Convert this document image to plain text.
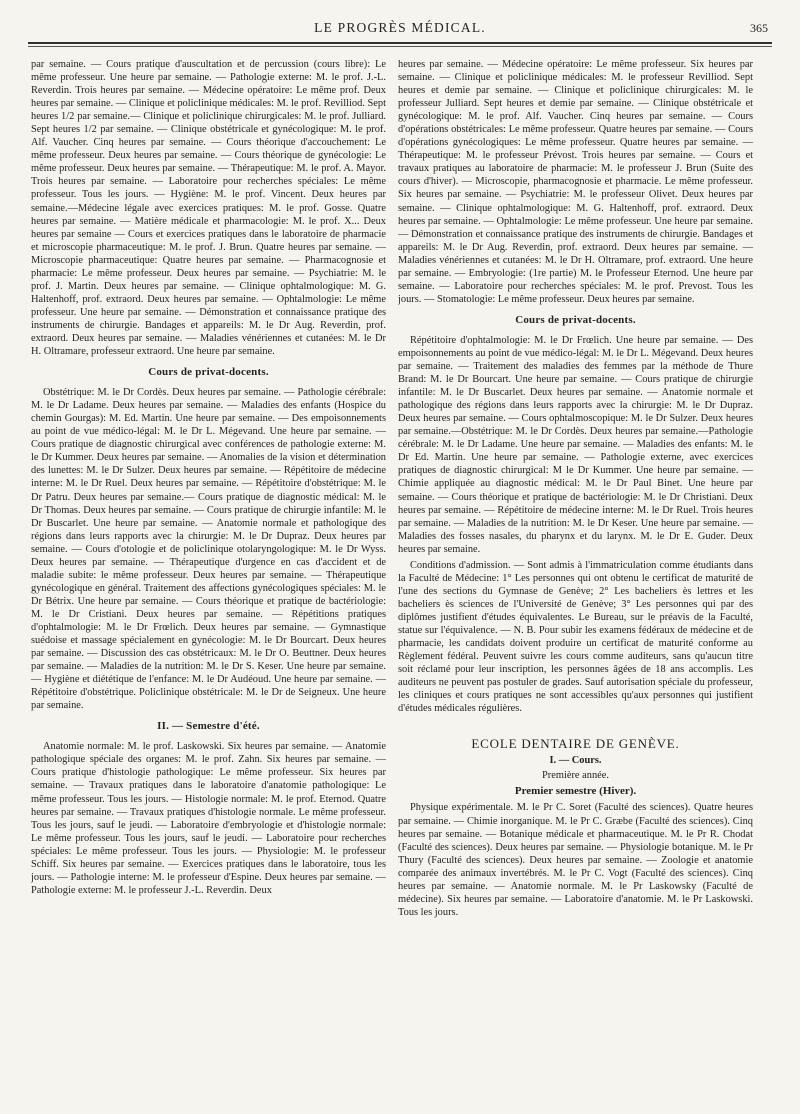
LE PROGRÈS MÉDICAL.	365

par semaine. — Cours pratique d'auscultation et de percussion (cours libre): Le même professeur. Une heure par semaine. — Pathologie externe: M. le prof. J.-L. Reverdin. Trois heures par semaine. — Médecine opératoire: Le même prof. Deux heures par semaine. — Clinique et policlinique médicales: M. le prof. Revilliod. Sept heures 1/2 par semaine.— Clinique et policlinique chirurgicales: M. le prof. Julliard. Sept heures 1/2 par semaine. — Clinique obstétricale et gynécologique: M. le prof. Alf. Vaucher. Cinq heures par semaine. — Cours théorique d'accouchement: Le même professeur. Deux heures par semaine. — Cours théorique de gynécologie: Le même professeur. Deux heures par semaine. — Thérapeutique: M. le prof. A. Mayor. Trois heures par semaine. — Laboratoire pour recherches spéciales: Le même professeur. Tous les jours. — Hygiène: M. le prof. Vincent. Deux heures par semaine.—Médecine légale avec exercices pratiques: M. le prof. Gosse. Quatre heures par semaine. — Matière médicale et pharmacologie: M. le prof. X... Deux heures par semaine — Cours et exercices pratiques dans le laboratoire de pharmacie et microscopie pharmaceutique: M. le prof. J. Brun. Quatre heures par semaine. — Microscopie pharmaceutique: Quatre heures par semaine. — Pharmacognosie et pharmacie: Le même professeur. Deux heures par semaine. — Psychiatrie: M. le prof. J. Martin. Deux heures par semaine. — Clinique ophtalmologique: M. G. Haltenhoff, prof. extraord. Deux heures par semaine. — Ophtalmologie: Le même professeur. Une heure par semaine. — Démonstration et connaissance pratique des instruments de chirurgie. Bandages et appareils: M. le Dr Aug. Reverdin, prof. extraord. Deux heures par semaine. — Maladies vénériennes et cutanées: M. le Dr H. Oltramare, professeur extraord. Une heure par semaine.

Cours de privat-docents.

Obstétrique: M. le Dr Cordès. Deux heures par semaine. — Pathologie cérébrale: M. le Dr Ladame. Deux heures par semaine. — Maladies des enfants (Hospice du chemin Gourgas): M. Ed. Martin. Une heure par semaine. — Des empoisonnements au point de vue médico-légal: M. le Dr L. Mégevand. Une heure par semaine. — Cours pratique de diagnostic chirurgical avec conférences de pathologie externe: M. le Dr Kummer. Deux heures par semaine. — Anomalies de la vision et détermination des lunettes: M. le Dr Sulzer. Deux heures par semaine. — Répétitoire de médecine interne: M. le Dr Ruel. Deux heures par semaine. — Répétitoire d'obstétrique: M. le Dr Patru. Deux heures par semaine.— Cours pratique de diagnostic médical: M. le Dr Thomas. Deux heures par semaine. — Cours pratique de chirurgie infantile: M. le Dr Buscarlet. Une heure par semaine. — Anatomie normale et pathologique des régions dans leurs rapports avec la chirurgie: M. le Dr Dupraz. Deux heures par semaine. — Cours d'otologie et de policlinique otolaryngologique: M. le Dr Wyss. Deux heures par semaine. — Thérapeutique d'urgence en cas d'accident et de maladie subite: le même professeur. Deux heures par semaine. — Thérapeutique gynécologique en général. Traitement des affections gynécologiques spéciales: M. le Dr Bétrix. Une heure par semaine. — Cours théorique et pratique de bactériologie: M. le Dr Cristiani. Deux heures par semaine. — Répétitions pratiques d'ophtalmologie: M. le Dr Frœlich. Deux heures par semaine. — Gymnastique suédoise et massage spécialement en gynécologie: M. le Dr Bourcart. Deux heures par semaine. — Discussion des cas obstétricaux: M. le Dr O. Beuttner. Deux heures par semaine. — Maladies de la nutrition: M. le Dr S. Keser. Une heure par semaine. — Hygiène et diététique de l'enfance: M. le Dr Audéoud. Une heure par semaine. — Répétitoire d'obstétrique. Policlinique obstétricale: M. le Dr de Seigneux. Une heure par semaine.

II. — Semestre d'été.

Anatomie normale: M. le prof. Laskowski. Six heures par semaine. — Anatomie pathologique spéciale des organes: M. le prof. Zahn. Six heures par semaine. — Cours pratique d'histologie pathologique: Le même professeur. Six heures par semaine. — Travaux pratiques dans le laboratoire d'anatomie pathologique: Le même professeur. Tous les jours. — Histologie normale: M. le prof. Eternod. Quatre heures par semaine. — Travaux pratiques d'histologie normale. Le même professeur. Tous les jours, sauf le jeudi. — Laboratoire d'embryologie et d'histologie normale: Le même professeur. Tous les jours, sauf le jeudi. — Laboratoire pour recherches spéciales: Le même professeur. Tous les jours. — Physiologie: M. le professeur Schiff. Six heures par semaine. — Exercices pratiques dans le laboratoire, tous les jours. — Pathologie interne: M. le professeur d'Espine. Deux heures par semaine. — Pathologie externe: M. le professeur J.-L. Reverdin. Deux

heures par semaine. — Médecine opératoire: Le même professeur. Six heures par semaine. — Clinique et policlinique médicales: M. le professeur Revilliod. Sept heures et demie par semaine. — Clinique et policlinique chirurgicales: M. le professeur Julliard. Sept heures et demie par semaine. — Clinique obstétricale et gynécologique: M. le prof. Alf. Vaucher. Cinq heures par semaine. — Cours d'opérations obstétricales: Le même professeur. Quatre heures par semaine. — Cours d'opérations gynécologiques: Le même professeur. Quatre heures par semaine. — Thérapeutique: M. le professeur Prévost. Trois heures par semaine. — Cours et travaux pratiques au laboratoire de pharmacie: M. le professeur J. Brun (Suite des cours d'hiver). — Microscopie, pharmacognosie et pharmacie. Le même professeur. Six heures par semaine. — Psychiatrie: M. le professeur Olivet. Deux heures par semaine. — Clinique ophtalmologique: M. G. Haltenhoff, prof. extraord. Deux heures par semaine. — Ophtalmologie: Le même professeur. Une heure par semaine. — Démonstration et connaissance pratique des instruments de chirurgie. Bandages et appareils: M. le Dr Aug. Reverdin, prof. extraord. Deux heures par semaine. — Maladies vénériennes et cutanées: M. le Dr H. Oltramare, prof. extraord. Une heure par semaine. — Embryologie: (1re partie) M. le Professeur Eternod. Une heure par semaine. — Laboratoire pour recherches spéciales: M. le prof. Prevost. Tous les jours. — Stomatologie: Le même professeur. Deux heures par semaine.

Cours de privat-docents.

Répétitoire d'ophtalmologie: M. le Dr Frœlich. Une heure par semaine. — Des empoisonnements au point de vue médico-légal: M. le Dr L. Mégevand. Deux heures par semaine. — Traitement des maladies des femmes par la méthode de Thure Brand: M. le Dr Bourcart. Une heure par semaine. — Cours pratique de chirurgie infantile: M. le Dr Buscarlet. Deux heures par semaine. — Anatomie normale et pathologique des régions dans leurs rapports avec la chirurgie: M. le Dr Dupraz. Deux heures par semaine. — Cours ophtalmoscopique: M. le Dr Sulzer. Deux heures par semaine.—Obstétrique: M. le Dr Cordès. Deux heures par semaine.—Pathologie cérébrale: M. le Dr Ladame. Une heure par semaine. — Maladies des enfants: M. le Dr Ed. Martin. Une heure par semaine. — Pathologie externe, avec exercices pratiques de diagnostic chirurgical: M le Dr Kummer. Une heure par semaine. — Chimie appliquée au diagnostic médical: M. le Dr Paul Binet. Une heure par semaine. — Cours théorique et pratique de bactériologie: M. le Dr Christiani. Deux heures par semaine. — Répétitoire de médecine interne: M. le Dr Ruel. Trois heures par semaine. — Maladies de la nutrition: M. le Dr Keser. Une heure par semaine. — Maladies des fosses nasales, du pharynx et du larynx. M. le Dr E. Guder. Deux heures par semaine.

Conditions d'admission. — Sont admis à l'immatriculation comme étudiants dans la Faculté de Médecine: 1° Les personnes qui ont obtenu le certificat de maturité de l'une des sections du Gymnase de Genève; 2° Les bacheliers ès lettres et les bacheliers ès sciences de l'Université de Genève; 3° Les personnes qui par des diplômes justifient d'études équivalentes. Le Bureau, sur le préavis de la Faculté, statue sur l'équivalence. — N. B. Pour subir les examens fédéraux de médecine et de pharmacie, les candidats doivent produire un certificat de maturité conforme au Règlement fédéral. Peuvent suivre les cours comme auditeurs, sans qu'aucun titre soit réclamé pour leur inscription, les personnes âgées de 18 ans accomplis. Les auditeurs ne peuvent pas postuler de grades. Sauf autorisation spéciale du professeur, les cliniques et cours pratiques ne sont accessibles qu'aux personnes qui justifient d'études médicales régulières.

ECOLE DENTAIRE DE GENÈVE.
I. — Cours.
Première année.
Premier semestre (Hiver).

Physique expérimentale. M. le Pr C. Soret (Faculté des sciences). Quatre heures par semaine. — Chimie inorganique. M. le Pr C. Græbe (Faculté des sciences). Cinq heures par semaine. — Botanique médicale et pharmaceutique. M. le Pr R. Chodat (Faculté des sciences). Deux heures par semaine. — Physiologie botanique. M. le Pr Thury (Faculté des sciences). Deux heures par semaine. — Zoologie et anatomie comparée des animaux invertébrés. M. le Pr C. Vogt (Faculté des sciences). Cinq heures par semaine. — Anatomie normale. M. le Pr Laskowsky (Faculté de médecine). Six heures par semaine. — Laboratoire d'anatomie. M. le Pr Laskowski. Tous les jours.
